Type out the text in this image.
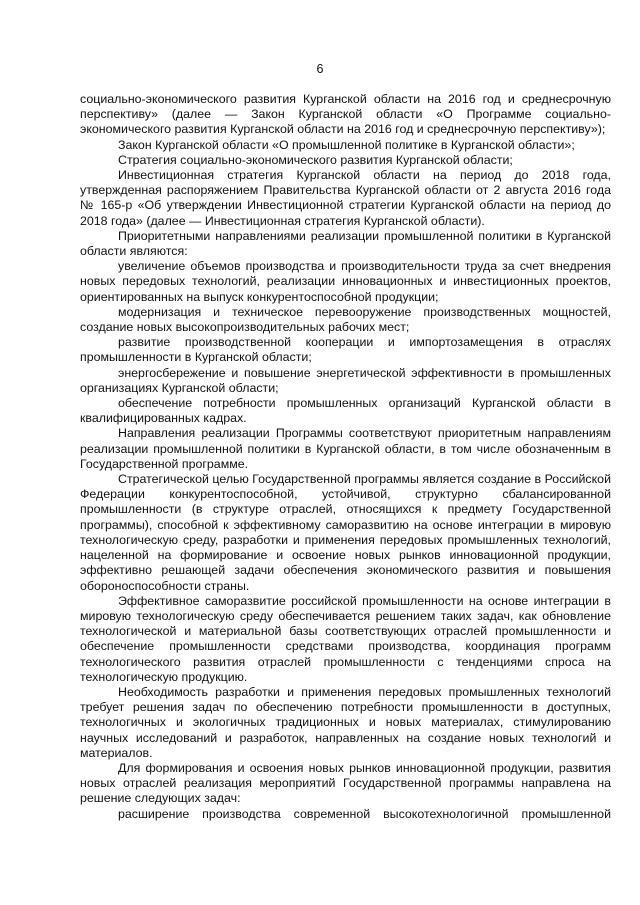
6

социально-экономического развития Курганской области на 2016 год и среднесрочную перспективу» (далее — Закон Курганской области «О Программе социально-экономического развития Курганской области на 2016 год и среднесрочную перспективу»);

Закон Курганской области «О промышленной политике в Курганской области»;

Стратегия социально-экономического развития Курганской области;

Инвестиционная стратегия Курганской области на период до 2018 года, утвержденная распоряжением Правительства Курганской области от 2 августа 2016 года № 165-р «Об утверждении Инвестиционной стратегии Курганской области на период до 2018 года» (далее — Инвестиционная стратегия Курганской области).

Приоритетными направлениями реализации промышленной политики в Курганской области являются:

увеличение объемов производства и производительности труда за счет внедрения новых передовых технологий, реализации инновационных и инвестиционных проектов, ориентированных на выпуск конкурентоспособной продукции;

модернизация и техническое перевооружение производственных мощностей, создание новых высокопроизводительных рабочих мест;

развитие производственной кооперации и импортозамещения в отраслях промышленности в Курганской области;

энергосбережение и повышение энергетической эффективности в промышленных организациях Курганской области;

обеспечение потребности промышленных организаций Курганской области в квалифицированных кадрах.

Направления реализации Программы соответствуют приоритетным направлениям реализации промышленной политики в Курганской области, в том числе обозначенным в Государственной программе.

Стратегической целью Государственной программы является создание в Российской Федерации конкурентоспособной, устойчивой, структурно сбалансированной промышленности (в структуре отраслей, относящихся к предмету Государственной программы), способной к эффективному саморазвитию на основе интеграции в мировую технологическую среду, разработки и применения передовых промышленных технологий, нацеленной на формирование и освоение новых рынков инновационной продукции, эффективно решающей задачи обеспечения экономического развития и повышения обороноспособности страны.

Эффективное саморазвитие российской промышленности на основе интеграции в мировую технологическую среду обеспечивается решением таких задач, как обновление технологической и материальной базы соответствующих отраслей промышленности и обеспечение промышленности средствами производства, координация программ технологического развития отраслей промышленности с тенденциями спроса на технологическую продукцию.

Необходимость разработки и применения передовых промышленных технологий требует решения задач по обеспечению потребности промышленности в доступных, технологичных и экологичных традиционных и новых материалах, стимулированию научных исследований и разработок, направленных на создание новых технологий и материалов.

Для формирования и освоения новых рынков инновационной продукции, развития новых отраслей реализация мероприятий Государственной программы направлена на решение следующих задач:

расширение производства современной высокотехнологичной промышленной
